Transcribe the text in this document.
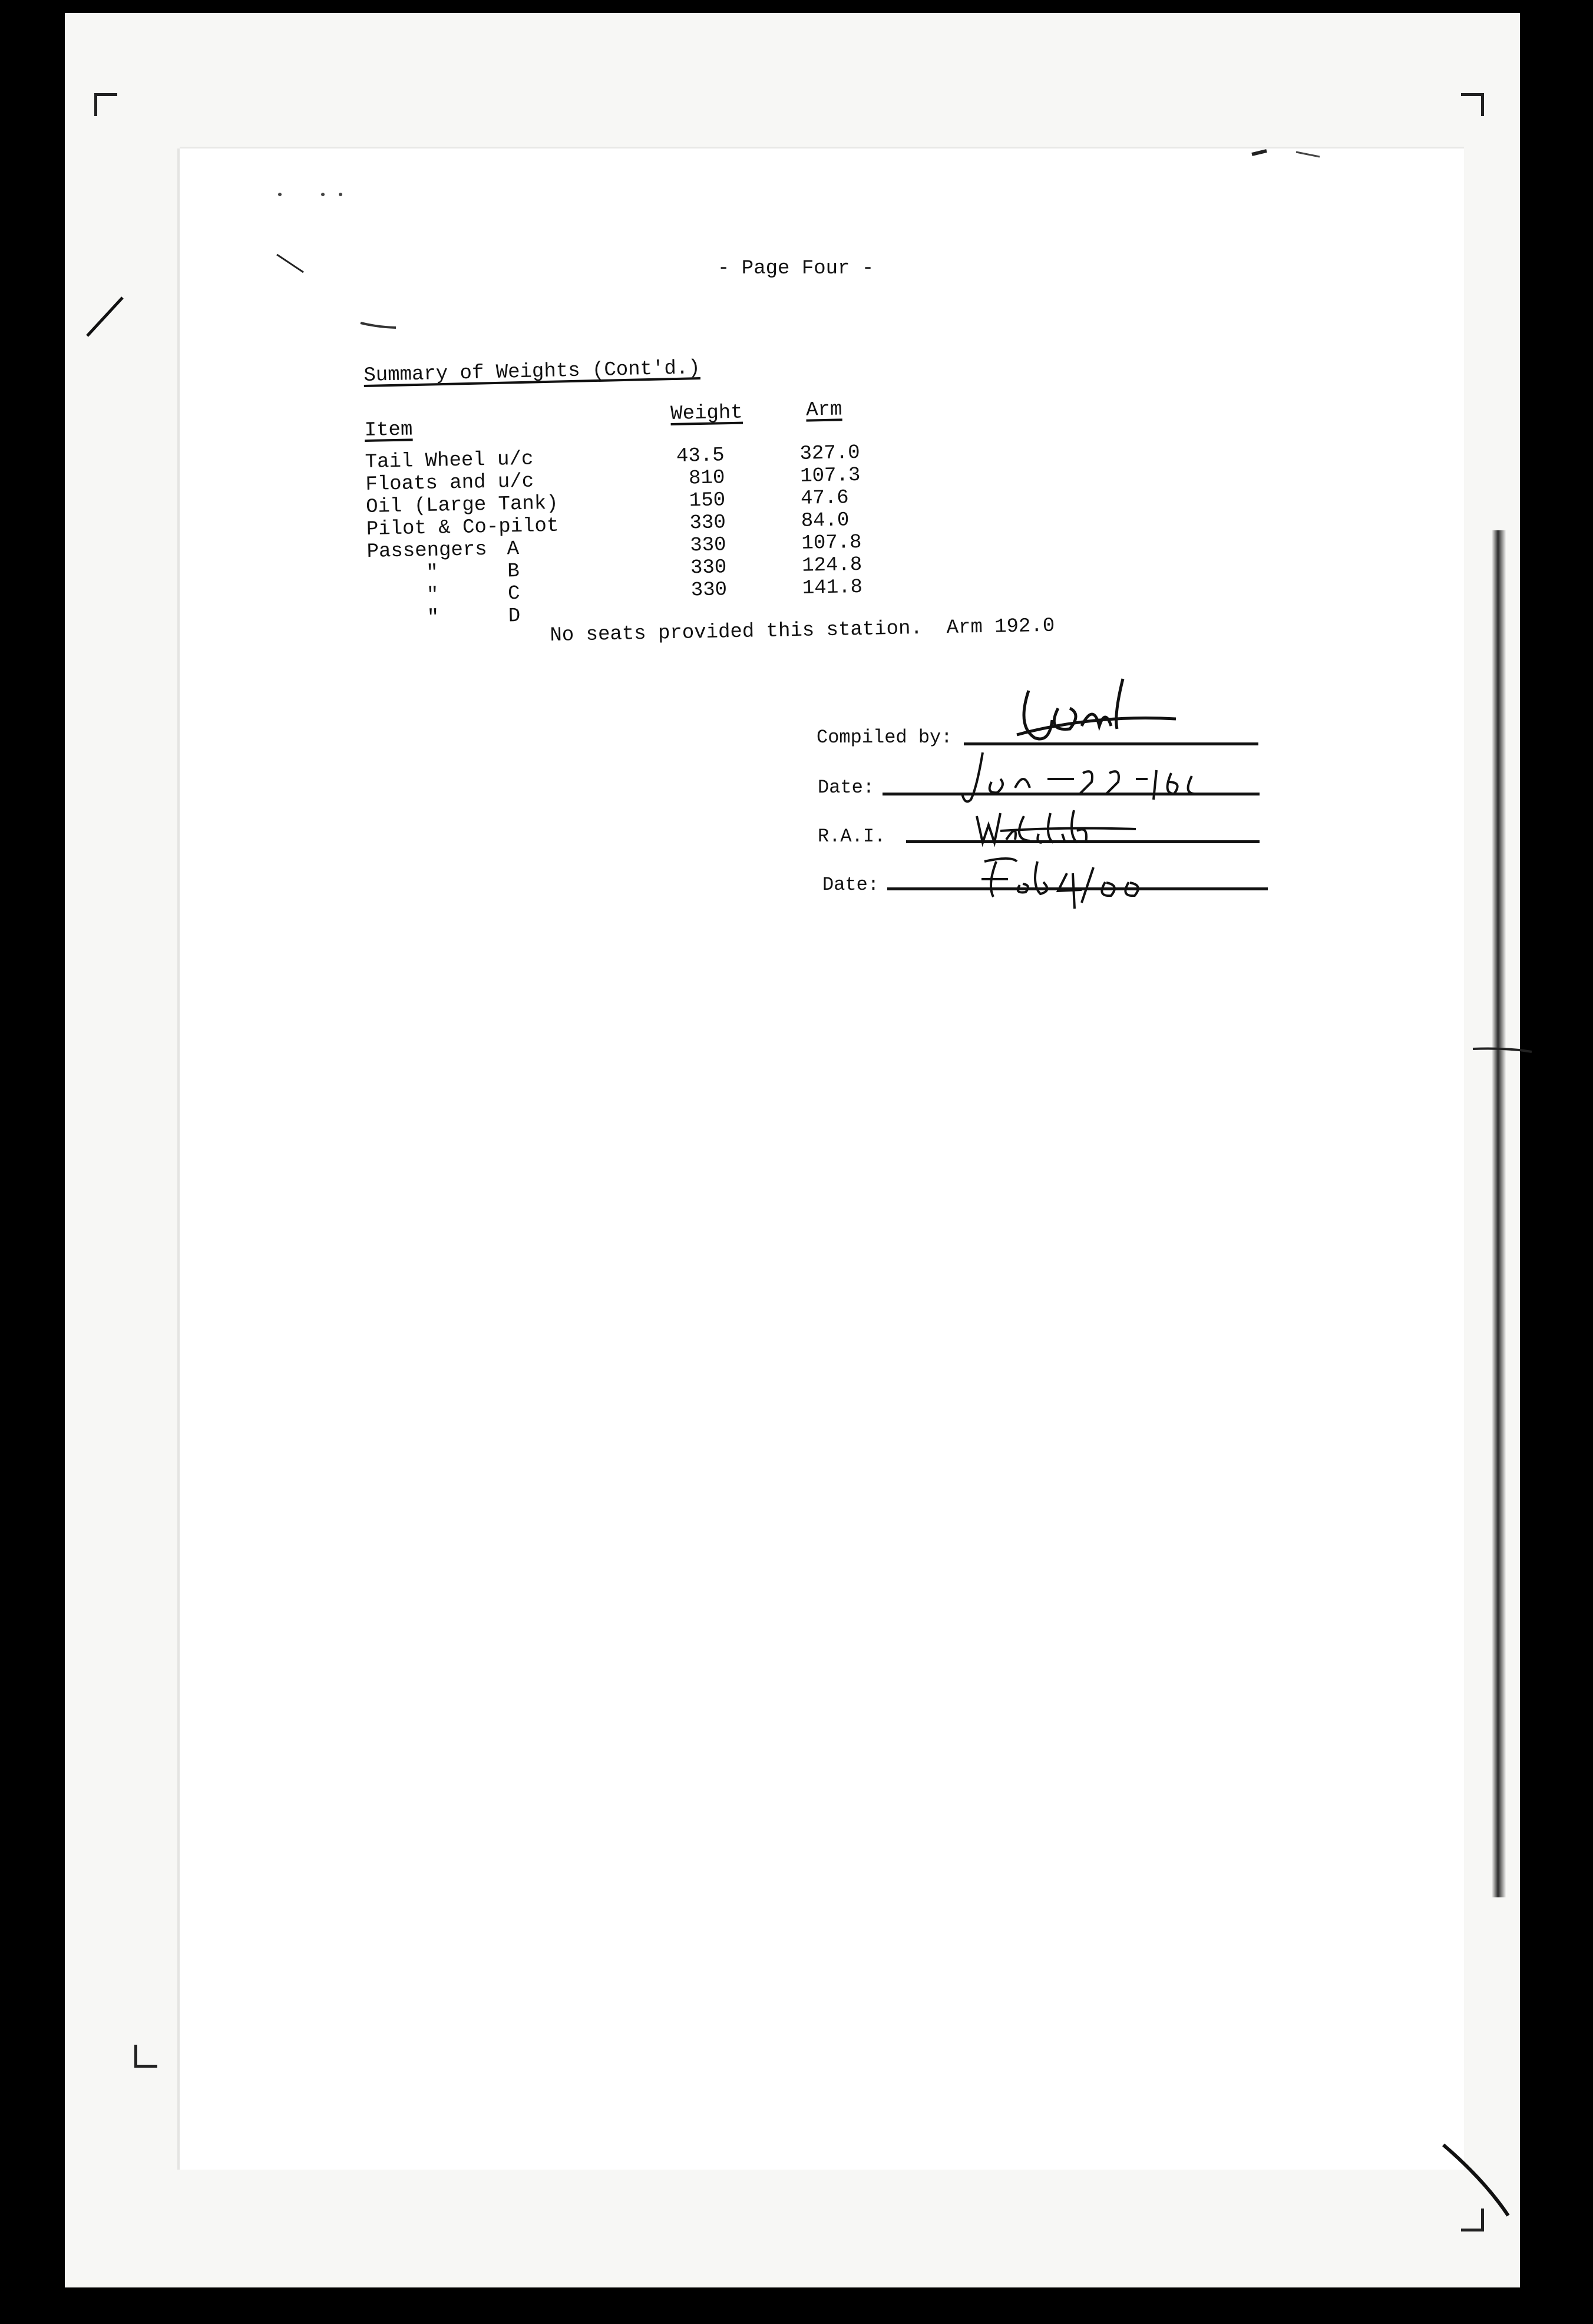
- Page Four -
Summary of Weights (Cont'd.)
Item
Weight	Arm
Tail Wheel u/c	43.5	327.0
Floats and u/c	810	107.3
Oil (Large Tank)	150	47.6
Pilot & Co-pilot	330	84.0
Passengers A	330	107.8
"	B	330	124.8
"	C	330	141.8
"	D No seats provided this station.  Arm 192.0
Compiled by:
Date:
R.A.I.
Date:
